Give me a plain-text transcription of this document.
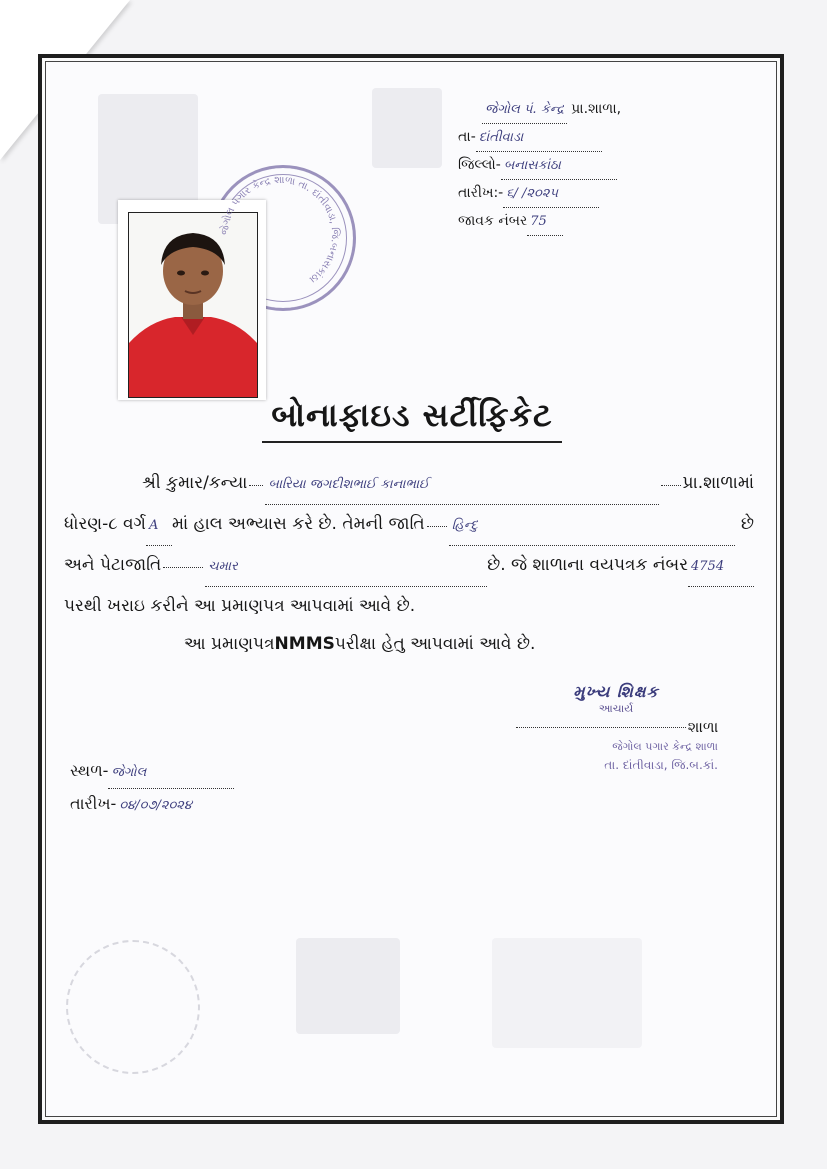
જેગોલ પં. કેન્દ્ર પ્રા.શાળા,
તા- દાંતીવાડા
જિલ્લો- બનાસકાંઠા
તારીખ:- ૬/ /૨૦૨૫
જાવક નંબર 75
બોનાફાઇડ સર્ટીફિકેટ
શ્રી કુમાર/કન્યા બારિયા જગદીશભાઈ કાનાભાઈ	પ્રા.શાળામાં
ધોરણ-૮ વર્ગ A માં હાલ અભ્યાસ કરે છે. તેમની જાતિ હિન્દુ	છે
અને પેટાજાતિ	ચમાર	છે. જે શાળાના વયપત્રક નંબર 4754
પરથી ખરાઇ કરીને આ પ્રમાણપત્ર આપવામાં આવે છે.
આ પ્રમાણપત્ર NMMS પરીક્ષા હેતુ આપવામાં આવે છે.
મુખ્ય શિક્ષક
આચાર્ય
શાળા
જેગોલ પગાર કેન્દ્ર શાળા
તા. દાંતીવાડા, જિ.બ.કાં.
સ્થળ- જેગોલ
તારીખ- ૦૪/૦૭/૨૦૨૪
જેગોલ પગાર કેન્દ્ર શાળા તા. દાંતીવાડા, જિ.બનાસકાંઠા
